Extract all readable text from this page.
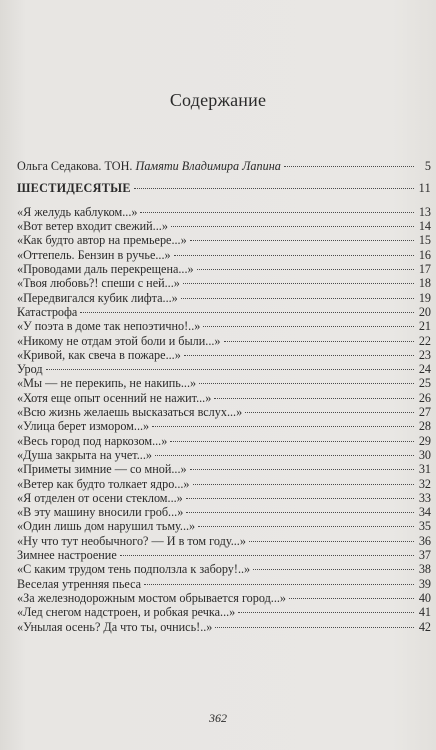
Содержание
Ольга Седакова. ТОН. Памяти Владимира Лапина	5
ШЕСТИДЕСЯТЫЕ	11
«Я желудь каблуком...»	13
«Вот ветер входит свежий...»	14
«Как будто автор на премьере...»	15
«Оттепель. Бензин в ручье...»	16
«Проводами даль перекрещена...»	17
«Твоя любовь?! спеши с ней...»	18
«Передвигался кубик лифта...»	19
Катастрофа	20
«У поэта в доме так непоэтично!..»	21
«Никому не отдам этой боли и были...»	22
«Кривой, как свеча в пожаре...»	23
Урод	24
«Мы — не перекипь, не накипь...»	25
«Хотя еще опыт осенний не нажит...»	26
«Всю жизнь желаешь высказаться вслух...»	27
«Улица берет измором...»	28
«Весь город под наркозом...»	29
«Душа закрыта на учет...»	30
«Приметы зимние — со мной...»	31
«Ветер как будто толкает ядро...»	32
«Я отделен от осени стеклом...»	33
«В эту машину вносили гроб...»	34
«Один лишь дом нарушил тьму...»	35
«Ну что тут необычного? — И в том году...»	36
Зимнее настроение	37
«С каким трудом тень подползла к забору!..»	38
Веселая утренняя пьеса	39
«За железнодорожным мостом обрывается город...»	40
«Лед снегом надстроен, и робкая речка...»	41
«Унылая осень? Да что ты, очнись!..»	42
362
